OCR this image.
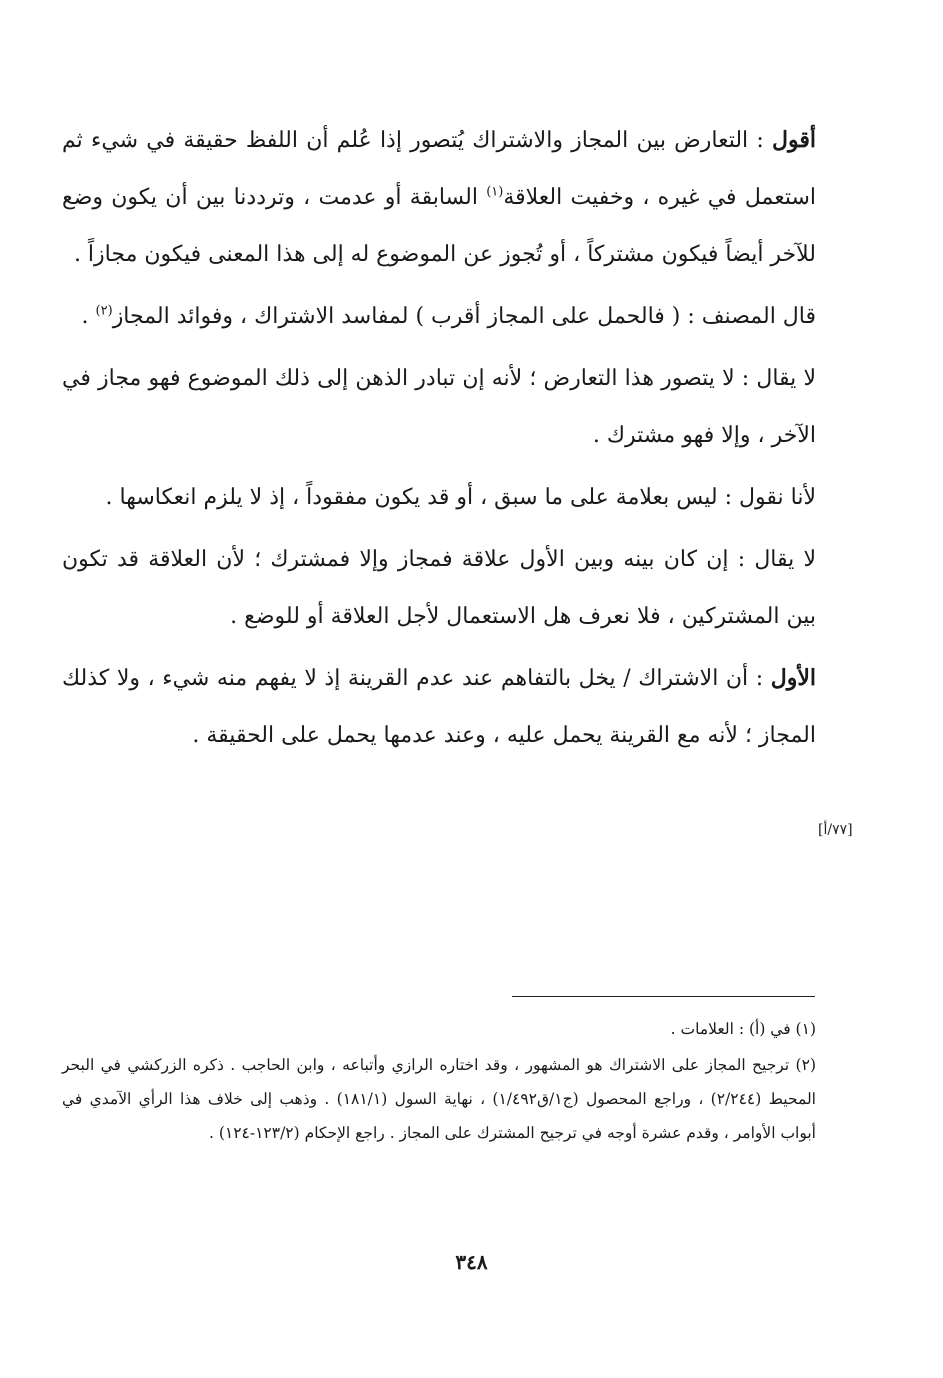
أقول : التعارض بين المجاز والاشتراك يُتصور إذا عُلم أن اللفظ حقيقة في شيء ثم استعمل في غيره ، وخفيت العلاقة$^{(١)}$ السابقة أو عدمت ، وترددنا بين أن يكون وضع للآخر أيضاً فيكون مشتركاً ، أو تُجوز عن الموضوع له إلى هذا المعنى فيكون مجازاً .

قال المصنف : ( فالحمل على المجاز أقرب ) لمفاسد الاشتراك ، وفوائد المجاز$^{(٢)}$ .

لا يقال : لا يتصور هذا التعارض ؛ لأنه إن تبادر الذهن إلى ذلك الموضوع فهو مجاز في الآخر ، وإلا فهو مشترك .

لأنا نقول : ليس بعلامة على ما سبق ، أو قد يكون مفقوداً ، إذ لا يلزم انعكاسها .

لا يقال : إن كان بينه وبين الأول علاقة فمجاز وإلا فمشترك ؛ لأن العلاقة قد تكون بين المشتركين ، فلا نعرف هل الاستعمال لأجل العلاقة أو للوضع .

الأول : أن الاشتراك / يخل بالتفاهم عند عدم القرينة إذ لا يفهم منه شيء ، ولا كذلك المجاز ؛ لأنه مع القرينة يحمل عليه ، وعند عدمها يحمل على الحقيقة .

[٧٧/أ]

(١) في (أ) : العلامات .

(٢) ترجيح المجاز على الاشتراك هو المشهور ، وقد اختاره الرازي وأتباعه ، وابن الحاجب . ذكره الزركشي في البحر المحيط (٢/٢٤٤) ، وراجع المحصول (ج١/ق١/٤٩٢) ، نهاية السول (١٨١/١) . وذهب إلى خلاف هذا الرأي الآمدي في أبواب الأوامر ، وقدم عشرة أوجه في ترجيح المشترك على المجاز . راجع الإحكام (١٢٣/٢-١٢٤) .

٣٤٨
